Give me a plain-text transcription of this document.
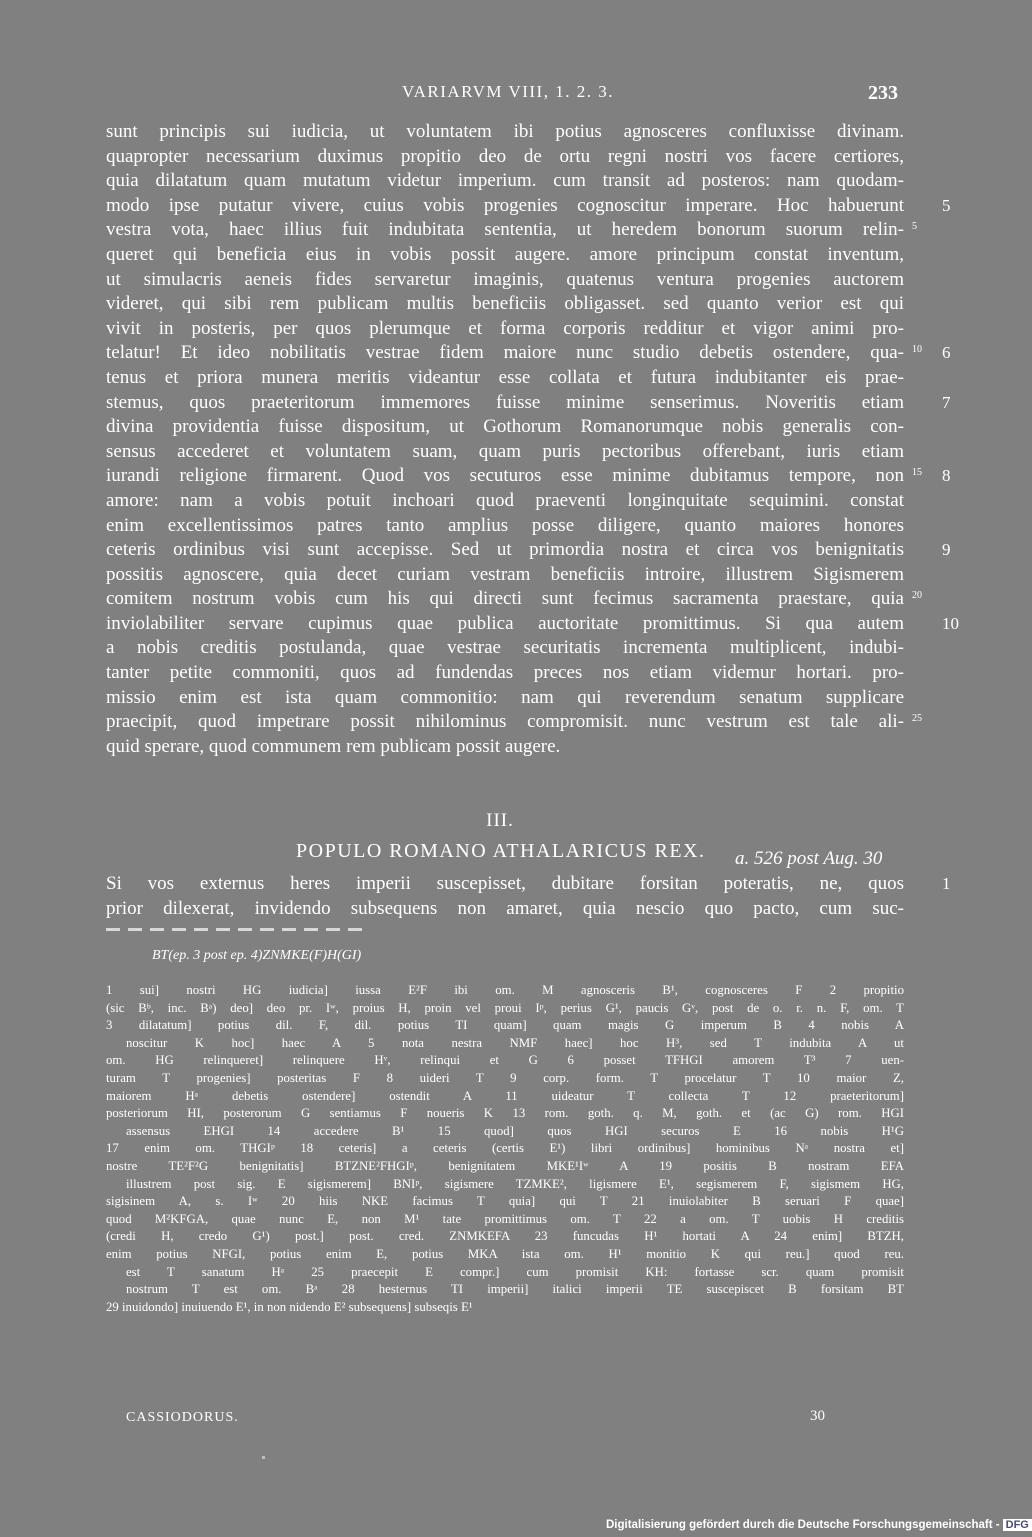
VARIARVM VIII, 1. 2. 3.	233
sunt principis sui iudicia, ut voluntatem ibi potius agnosceres confluxisse divinam.
quapropter necessarium duximus propitio deo de ortu regni nostri vos facere certiores,
quia dilatatum quam mutatum videtur imperium. cum transit ad posteros: nam quodam-
modo ipse putatur vivere, cuius vobis progenies cognoscitur imperare. Hoc habuerunt 5
vestra vota, haec illius fuit indubitata sententia, ut heredem bonorum suorum relin- 5
queret qui beneficia eius in vobis possit augere. amore principum constat inventum,
ut simulacris aeneis fides servaretur imaginis, quatenus ventura progenies auctorem
videret, qui sibi rem publicam multis beneficiis obligasset. sed quanto verior est qui
vivit in posteris, per quos plerumque et forma corporis redditur et vigor animi pro-
telatur! Et ideo nobilitatis vestrae fidem maiore nunc studio debetis ostendere, qua- 10 6
tenus et priora munera meritis videantur esse collata et futura indubitanter eis prae-
stemus, quos praeteritorum immemores fuisse minime senserimus. Noveritis etiam 7
divina providentia fuisse dispositum, ut Gothorum Romanorumque nobis generalis con-
sensus accederet et voluntatem suam, quam puris pectoribus offerebant, iuris etiam
iurandi religione firmarent. Quod vos secuturos esse minime dubitamus tempore, non 15 8
amore: nam a vobis potuit inchoari quod praeventi longinquitate sequimini. constat
enim excellentissimos patres tanto amplius posse diligere, quanto maiores honores
ceteris ordinibus visi sunt accepisse. Sed ut primordia nostra et circa vos benignitatis 9
possitis agnoscere, quia decet curiam vestram beneficiis introire, illustrem Sigismerem
comitem nostrum vobis cum his qui directi sunt fecimus sacramenta praestare, quia 20
inviolabiliter servare cupimus quae publica auctoritate promittimus. Si qua autem 10
a nobis creditis postulanda, quae vestrae securitatis incrementa multiplicent, indubi-
tanter petite commoniti, quos ad fundendas preces nos etiam videmur hortari. pro-
missio enim est ista quam commonitio: nam qui reverendum senatum supplicare
praecipit, quod impetrare possit nihilominus compromisit. nunc vestrum est tale ali- 25
quid sperare, quod communem rem publicam possit augere.
III.
POPULO ROMANO ATHALARICUS REX. a. 526 post Aug. 30
Si vos externus heres imperii suscepisset, dubitare forsitan poteratis, ne, quos 1
prior dilexerat, invidendo subsequens non amaret, quia nescio quo pacto, cum suc-
BT(ep. 3 post ep. 4)ZNMKE(F)H(GI)
1 sui] nostri HG iudicia] iussa E²F ibi om. M agnosceris B¹, cognosceres F 2 propitio
(sic Bᵇ, inc. Bᵃ) deo] deo pr. Iʷ, proius H, proin vel proui Iᵖ, perius G¹, paucis Gᵛ, post de o. r. n. F, om. T
3 dilatatum] potius dil. F, dil. potius TI quam] quam magis G imperum B 4 nobis A
noscitur K hoc] haec A 5 nota nestra NMF haec] hoc H³, sed T indubita A ut
om. HG relinqueret] relinquere Hᵛ, relinqui et G 6 posset TFHGI amorem T³ 7 uen-
turam T progenies] posteritas F 8 uideri T 9 corp. form. T procelatur T 10 maior Z,
maiorem Hᵃ debetis ostendere] ostendit A 11 uideatur T collecta T 12 praeteritorum]
posteriorum HI, posterorum G sentiamus F noueris K 13 rom. goth. q. M, goth. et (ac G) rom. HGI
assensus EHGI 14 accedere B¹ 15 quod] quos HGI securos E 16 nobis H¹G
17 enim om. THGIᵖ 18 ceteris] a ceteris (certis E¹) libri ordinibus] hominibus Nᵃ nostra et]
nostre TE²F²G benignitatis] BTZNE²FHGIᵖ, benignitatem MKE¹Iʷ A 19 positis B nostram EFA
illustrem post sig. E sigismerem] BNIᵖ, sigismere TZMKE², ligismere E¹, segismerem F, sigismem HG,
sigisinem A, s. Iʷ 20 hiis NKE facimus T quia] qui T 21 inuiolabiter B seruari F quae]
quod M²KFGA, quae nunc E, non M¹ tate promittimus om. T 22 a om. T uobis H creditis
(credi H, credo G¹) post.] post. cred. ZNMKEFA 23 funcudas H¹ hortati A 24 enim] BTZH,
enim potius NFGI, potius enim E, potius MKA ista om. H¹ monitio K qui reu.] quod reu.
est T sanatum Hᵃ 25 praecepit E compr.] cum promisit KH: fortasse scr. quam promisit
nostrum T est om. Bᵃ 28 hesternus TI imperii] italici imperii TE suscepiscet B forsitam BT
29 inuidondo] inuiuendo E¹, in non nidendo E² subsequens] subseqis E¹
CASSIODORUS.	30
Digitalisierung gefördert durch die Deutsche Forschungsgemeinschaft - DFG
